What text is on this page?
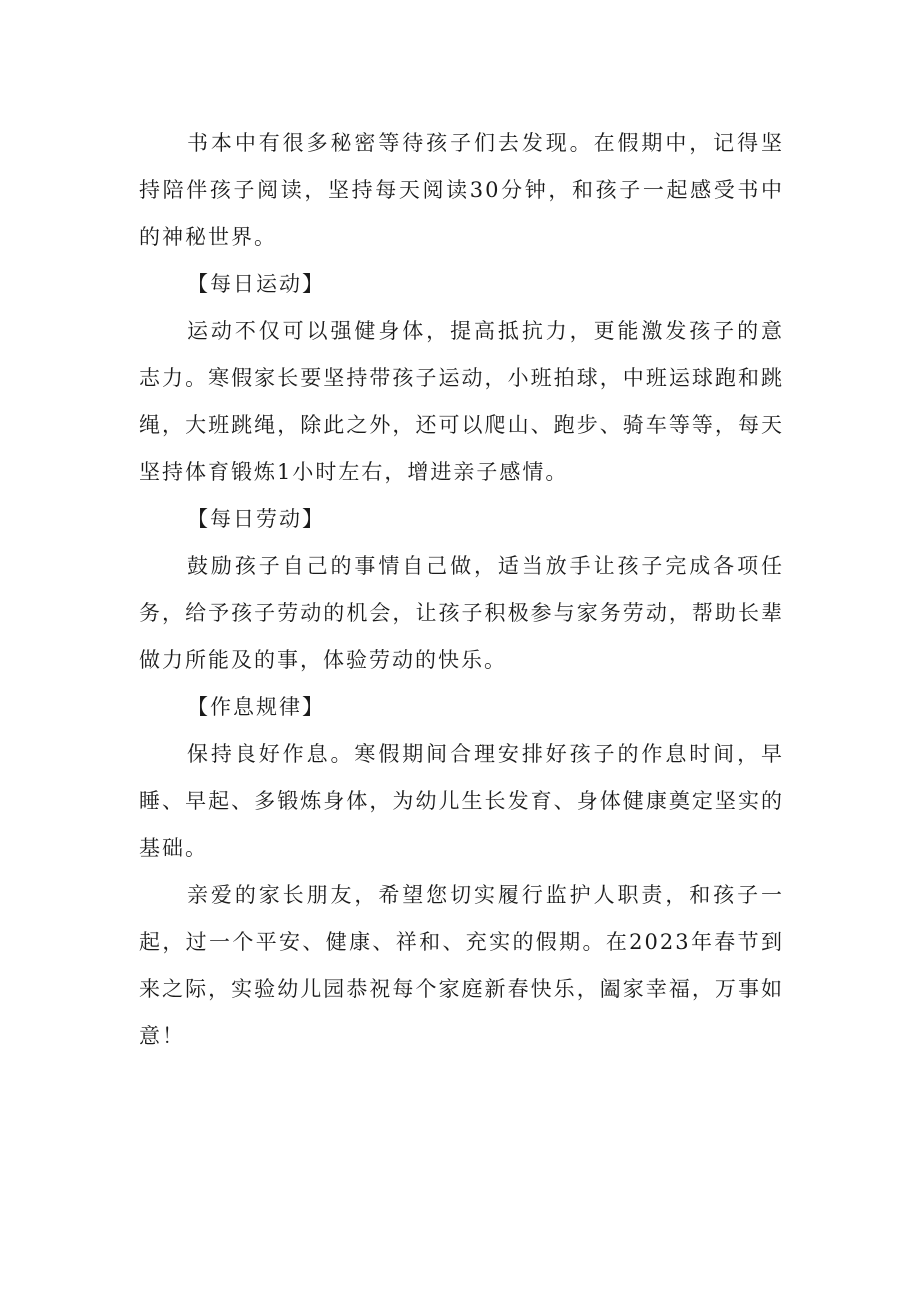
书本中有很多秘密等待孩子们去发现。在假期中，记得坚持陪伴孩子阅读，坚持每天阅读30分钟，和孩子一起感受书中的神秘世界。

【每日运动】

运动不仅可以强健身体，提高抵抗力，更能激发孩子的意志力。寒假家长要坚持带孩子运动，小班拍球，中班运球跑和跳绳，大班跳绳，除此之外，还可以爬山、跑步、骑车等等，每天坚持体育锻炼1小时左右，增进亲子感情。

【每日劳动】

鼓励孩子自己的事情自己做，适当放手让孩子完成各项任务，给予孩子劳动的机会，让孩子积极参与家务劳动，帮助长辈做力所能及的事，体验劳动的快乐。

【作息规律】

保持良好作息。寒假期间合理安排好孩子的作息时间，早睡、早起、多锻炼身体，为幼儿生长发育、身体健康奠定坚实的基础。

亲爱的家长朋友，希望您切实履行监护人职责，和孩子一起，过一个平安、健康、祥和、充实的假期。在2023年春节到来之际，实验幼儿园恭祝每个家庭新春快乐，阖家幸福，万事如意！
